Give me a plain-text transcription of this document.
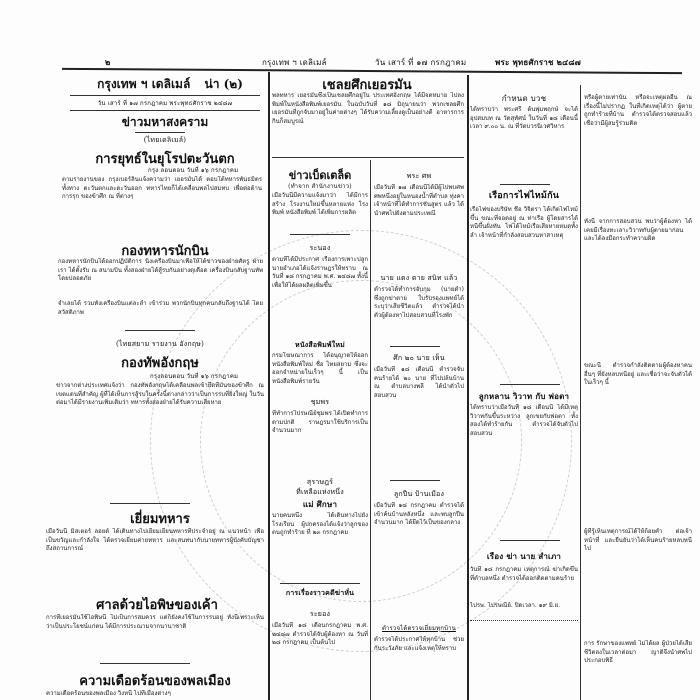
๒	กรุงเทพ ฯ เดลิเมล์	วัน เสาร์ ที่ ๑๗ กรกฎาคม	พระ พุทธศักราช ๒๔๘๗
กรุงเทพ ฯ เดลิเมล์ น่า (๒)
วัน เสาร์ ที่ ๑๗ กรกฎาคม พระพุทธศักราช ๒๔๘๗
ข่าวมหาสงคราม
(ไทยเดลิเมล์)
การยุทธ์ในยุโรปตะวันตก
กรุง ลอนดอน วันที่ ๑๖ กรกฎาคม
ตามรายงานของ กรุงเบอร์ลินแจ้งความว่า เยอรมันได้ ตอบโต้ทหารพันธมิตรทั้งทาง ตะวันตกและตะวันออก ทหารไทยก็ได้เคลื่อนพลไปสมทบ เพื่อต่อต้านการรุก ของข้าศึก ณ ที่ต่างๆ
กองทหารนักบิน
กองทหารนักบินได้ออกปฏิบัติการ นิ่งเครื่องบินมาเพื่อให้ได้ข่าวของฝ่ายศัตรู ฝ่ายเรา ได้ตั้งรับ ณ สนามบิน ทั้งสองฝ่ายได้สู้รบกันอย่างดุเดือด เครื่องบินกลับฐานทัพโดยปลอดภัย
จำเลยได้ รวมทั้งเครื่องบินแต่ละลำ เข้าร่วม พวกนักบินทุกคนกลับถึงฐานได้ โดยสวัสดิภาพ
(ไทยสยาม รายงาน อังกฤษ)
กองทัพอังกฤษ
กรุงลอนดอน วันที่ ๑๖ กรกฎาคม
ข่าวจากต่างประเทศแจ้งว่า กองทัพอังกฤษได้เคลื่อนพลเข้ายึดที่มั่นของข้าศึก ณ เขตแดนที่สำคัญ ผู้ที่ได้เห็นการสู้รบในครั้งนี้ต่างกล่าวว่าเป็นการรบที่ยิ่งใหญ่ ในวันต่อมาได้มีรายงานเพิ่มเติมว่า ทหารทั้งสองฝ่ายได้รับความเสียหาย
เยี่ยมทหาร
เมื่อวันนี้ มิสเตอร์ ลอยด์ ได้เดินทางไปเยี่ยมเยียนทหารที่ประจำอยู่ ณ แนวหน้า เพื่อเป็นขวัญและกำลังใจ ได้ตรวจเยี่ยมค่ายทหาร และสนทนากับนายทหารผู้บังคับบัญชาถึงสถานการณ์
ศาลด้วยไอพิษของเค้า
การที่เยอรมันใช้ไอพิษนี้ ไม่เป็นการสมควร แต่ก็ยังคงใช้ในการรบอยู่ ทั้งนี้เพราะเห็นว่าเป็นประโยชน์แก่ตน ได้มีการประณามจากนานาชาติ
ความเดือดร้อนของพลเมือง
ความเดือดร้อนของพลเมือง วิ่งหนี ไปที่เมืองต่างๆ
เชลยศึกเยอรมัน
พลทหาร เยอรมันซึ่งเป็นเชลยศึกอยู่ใน ประเทศอังกฤษ ได้มีจดหมาย ไปลงพิมพ์ในหนังสือพิมพ์เยอรมัน ในฉบับวันที่ ๑๘ มิถุนายนว่า พวกเชลยศึกเยอรมันที่ถูกจับมาอยู่ในค่ายต่างๆ ได้รับความเลี้ยงดูเป็นอย่างดี อาหารการกินก็สมบูรณ์
ข่าวเบ็ดเตล็ด
(ทำจาก สำนักงานข่าว)
เมื่อวันนี้มีความแจ้งมาว่า ได้มีการสร้าง โรงงานใหม่ขึ้นหลายแห่ง โรงพิมพ์ หนังสือพิมพ์ ได้เพิ่มการผลิต
ระนอง
ตามที่ได้มีประกาศ เรื่องการเพาะปลูก นายอำเภอได้แจ้งราษฎรให้ทราบ ณ วันที่ ๑๘ กรกฎาคม พ.ศ. ๒๔๘๗ ทั้งนี้ เพื่อให้ได้ผลผลิตเพิ่มขึ้น
หนังสือพิมพ์ใหม่
กรมโฆษณาการ ได้อนุญาตให้ออกหนังสือพิมพ์ใหม่ ชื่อ ไทยสยาม ซึ่งจะออกจำหน่ายในเร็วๆ นี้ เป็นหนังสือพิมพ์รายวัน
ชุมพร
ที่ทำการไปรษณีย์ชุมพร ได้เปิดทำการตามปกติ ราษฎรมาใช้บริการเป็นจำนวนมาก
สุราษฎร์
ที่เหลือแห่งหนึ่ง
แม่ ศึกษา
นายคนหนึ่ง ได้เดินทางไปยัง โรงเรียน ผู้ปกครองได้แจ้งว่าลูกของตนถูกทำร้าย ที่ ๒๓ กรกฎาคม
การเรื่องราวคดีฆ่าหั่น
ระยอง
เมื่อวันที่ ๑๘ เดือนกรกฎาคม พ.ศ. ๒๔๘๗ ตำรวจได้จับผู้ต้องหา ณ วันที่ ๒๘ กรกฎาคม เป็นต้นไป
พระ ศพ
เมื่อวันที่ ๑๗ เดือนนี้ได้มีผู้ไปพบศพ ศพหนึ่งอยู่ในหนองน้ำที่ตำบล ทุ่งคา เจ้าหน้าที่ได้ทำการชันสูตร แล้ว ได้นำศพไปฝังตามประเพณี
นาย แดง ตาย สนิท แล้ว
ตำรวจได้ทำการจับกุม (นายดำ) ซึ่งถูกฆ่าตาย ใบรับรองแพทย์ได้ระบุว่าเสียชีวิตแล้ว ตำรวจได้นำตัวผู้ต้องหาไปสอบสวนที่โรงพัก
ศึก ๒๐ นาย เห็น
เมื่อวันที่ ๑๘ เดือนนี้ ตำรวจจับคนร้ายได้ ๒๐ นาย ที่ไปปล้นบ้าน ณ ตำบลบางพลี ได้นำตัวไปสอบสวน
ลูกปืน ป้านเมือง
เมื่อวันที่ ๑๘ กรกฎาคม ตำรวจได้เข้าค้นบ้านหลังหนึ่ง และพบลูกปืนจำนวนมาก ได้ยึดไว้เป็นของกลาง
ตำรวจได้ตรวจเยี่ยมทุกบ้าน
ตำรวจได้ประกาศให้ทุกบ้าน ช่วยกันระวังภัย และแจ้งเหตุให้ทราบ
กำหนด บวช
ได้ทราบว่า พระศรี ต้นพุ่มพฤกษ์ จะได้อุปสมบท ณ วัดสุทัศน์ ในวันที่ ๑๘ เดือนนี้ เวลา ๙.๐๐ น. ณ ที่วัดบวรนิเวศวิหาร
เรือการไฟไหม้กัน
เรือไฟของบริษัท ชื่อ วิจิตรา ได้เกิดไฟไหม้ขึ้น ขณะที่จอดอยู่ ณ ท่าเรือ ผู้โดยสารได้หนีขึ้นฝั่งทัน ไฟได้ไหม้เรือเสียหายหมดทั้งลำ เจ้าหน้าที่กำลังสอบสวนหาสาเหตุ
ลูกหลาน วิวาท กับ พ่อตา
ได้ทราบว่าเมื่อวันที่ ๑๘ เดือนนี้ ได้มีเหตุวิวาทกันขึ้นระหว่าง ลูกเขยกับพ่อตา ทั้งสองได้ทำร้ายกัน ตำรวจได้จับตัวไปสอบสวน
เรือง ฆ่า นาย สำเภา
วันที่ ๑๘ กรกฎาคม เหตุการณ์ ฆ่าเกิดขึ้น ที่ตำบลหนึ่ง ตำรวจได้ออกติดตามคนร้าย
ไปรษ. ไปรษณีย์. ปิดเวลา. ๑๙ มิ.ย.
หรือผู้ตายเท่านั้น หรือจะเหตุผลอื่น ณ เรื่องนี้ไม่ปรากฏ ในที่เกิดเหตุได้ว่า ผู้ตายถูกทำร้ายที่บ้าน ตำรวจได้ตรวจสอบแล้ว เชื่อว่ามีผู้สมรู้ร่วมคิด
ทั้งนี้ จากการสอบสวน พบว่าผู้ต้องหา ได้เคยมีเรื่องทะเลาะวิวาทกับผู้ตายมาก่อน และได้ลงมือกระทำความผิด
ขณะนี้ ตำรวจกำลังติดตามผู้ต้องหาคนอื่นๆ ที่ยังหลบหนีอยู่ และเชื่อว่าจะจับตัวได้ในเร็วๆ นี้
ผู้ที่รู้เห็นเหตุการณ์ได้ให้ถ้อยคำ ต่อเจ้าหน้าที่ และยืนยันว่าได้เห็นคนร้ายหลบหนีไป
การ รักษาของแพทย์ ไม่ได้ผล ผู้ป่วยได้เสียชีวิตลงในเวลาต่อมา ญาติจึงนำศพไปประกอบพิธี
